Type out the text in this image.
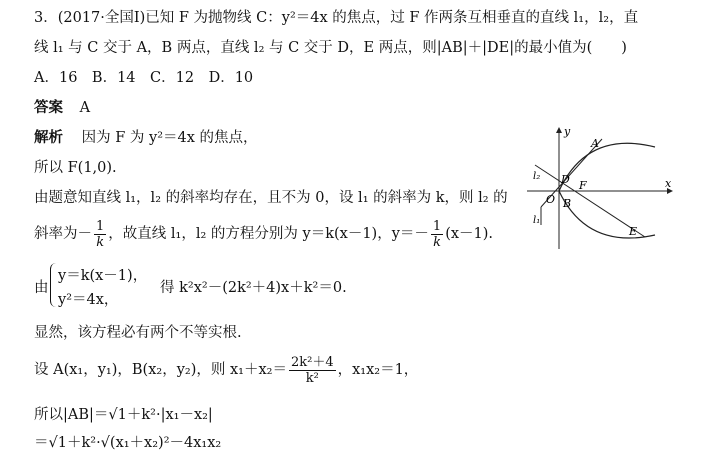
3．(2017·全国Ⅰ)已知 F 为抛物线 C：y²＝4x 的焦点，过 F 作两条互相垂直的直线 l₁，l₂，直
线 l₁ 与 C 交于 A，B 两点，直线 l₂ 与 C 交于 D，E 两点，则|AB|＋|DE|的最小值为(　　)
A．16　B．14　C．12　D．10
答案 A
解析 因为 F 为 y²＝4x 的焦点，
所以 F(1,0).
由题意知直线 l₁，l₂ 的斜率均存在，且不为 0，设 l₁ 的斜率为 k，则 l₂ 的
斜率为－ $\frac{1}{k}$ ，故直线 l₁，l₂ 的方程分别为 y＝k(x－1)，$y=- \frac{1}{k} (x-1)$.
由
y＝k(x－1)，
y²＝4x，
得 k²x²－(2k²＋4)x＋k²＝0.
显然，该方程必有两个不等实根.
设 A(x₁，y₁)，B(x₂，y₂)，则 $x_1+x_2= \frac{\text{2k²＋4}}{\text{k²}}$ ，x₁x₂＝1，
所以|AB|＝√1＋k²·|x₁－x₂|
＝√1＋k²·√(x₁＋x₂)²－4x₁x₂
y
x
O
A
D F
B
E
l₂
l₁
